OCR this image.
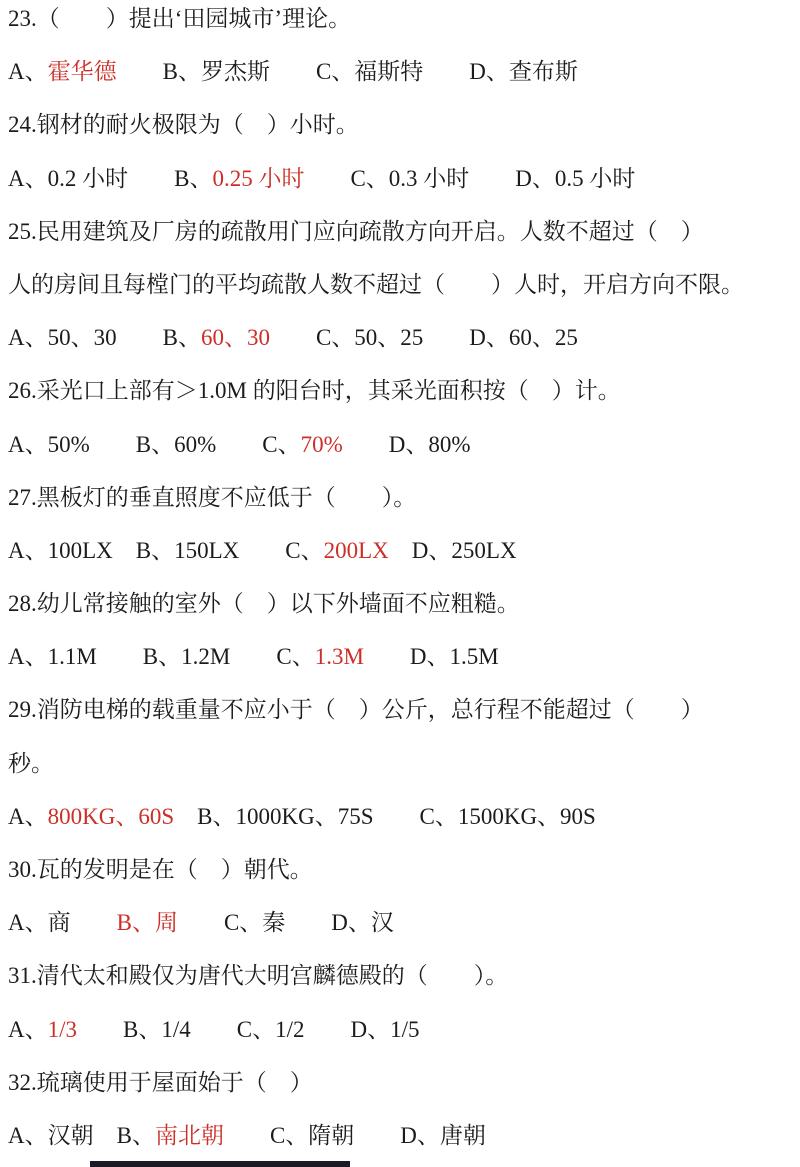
23.（　　）提出‘田园城市’理论。
A、霍华德　　B、罗杰斯　　C、福斯特　　D、查布斯
24.钢材的耐火极限为（　）小时。
A、0.2 小时　　B、0.25 小时　　C、0.3 小时　　D、0.5 小时
25.民用建筑及厂房的疏散用门应向疏散方向开启。人数不超过（　）
人的房间且每樘门的平均疏散人数不超过（　　）人时，开启方向不限。
A、50、30　　B、60、30　　C、50、25　　D、60、25
26.采光口上部有＞1.0M 的阳台时，其采光面积按（　）计。
A、50%　　B、60%　　C、70%　　D、80%
27.黑板灯的垂直照度不应低于（　　）。
A、100LX　B、150LX　　C、200LX　D、250LX
28.幼儿常接触的室外（　）以下外墙面不应粗糙。
A、1.1M　　B、1.2M　　C、1.3M　　D、1.5M
29.消防电梯的载重量不应小于（　）公斤，总行程不能超过（　　）
秒。
A、800KG、60S　B、1000KG、75S　　C、1500KG、90S
30.瓦的发明是在（　）朝代。
A、商　　B、周　　C、秦　　D、汉
31.清代太和殿仅为唐代大明宫麟德殿的（　　）。
A、1/3　　B、1/4　　C、1/2　　D、1/5
32.琉璃使用于屋面始于（　）
A、汉朝　B、南北朝　　C、隋朝　　D、唐朝
